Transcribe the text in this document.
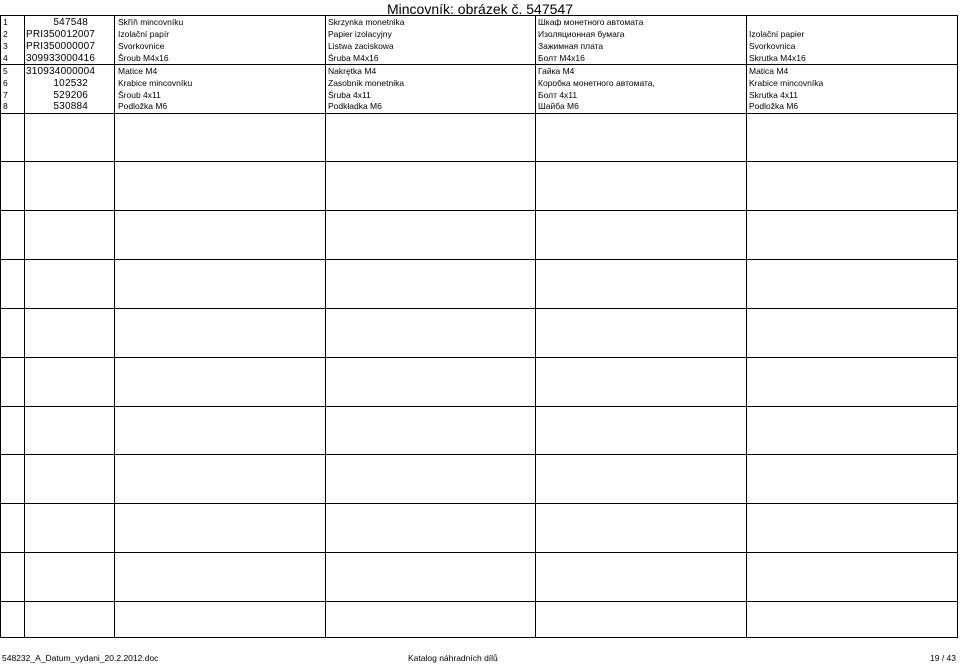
Mincovník: obrázek č. 547547
1	547548	Skříň mincovníku	Skrzynka monetnika	Шкаф монетного автомата
2	PRI350012007	Izolační papír	Papier izolacyjny	Изоляционная бумага	Izolační papier
3	PRI350000007	Svorkovnice	Listwa zaciskowa	Зажимная плата	Svorkovnica
4	309933000416	Šroub M4x16	Śruba M4x16	Болт M4x16	Skrutka M4x16
5	310934000004	Matice M4	Nakrętka M4	Гайка M4	Matica M4
6	102532	Krabice mincovníku	Zasobnik monetnika	Коробка монетного автомата,	Krabice mincovníka
7	529206	Šroub 4x11	Śruba 4x11	Болт 4x11	Skrutka 4x11
8	530884	Podložka M6	Podkładka M6	Шайба M6	Podložka M6
548232_A_Datum_vydani_20.2.2012.doc	Katalog náhradních dílů	19 / 43
